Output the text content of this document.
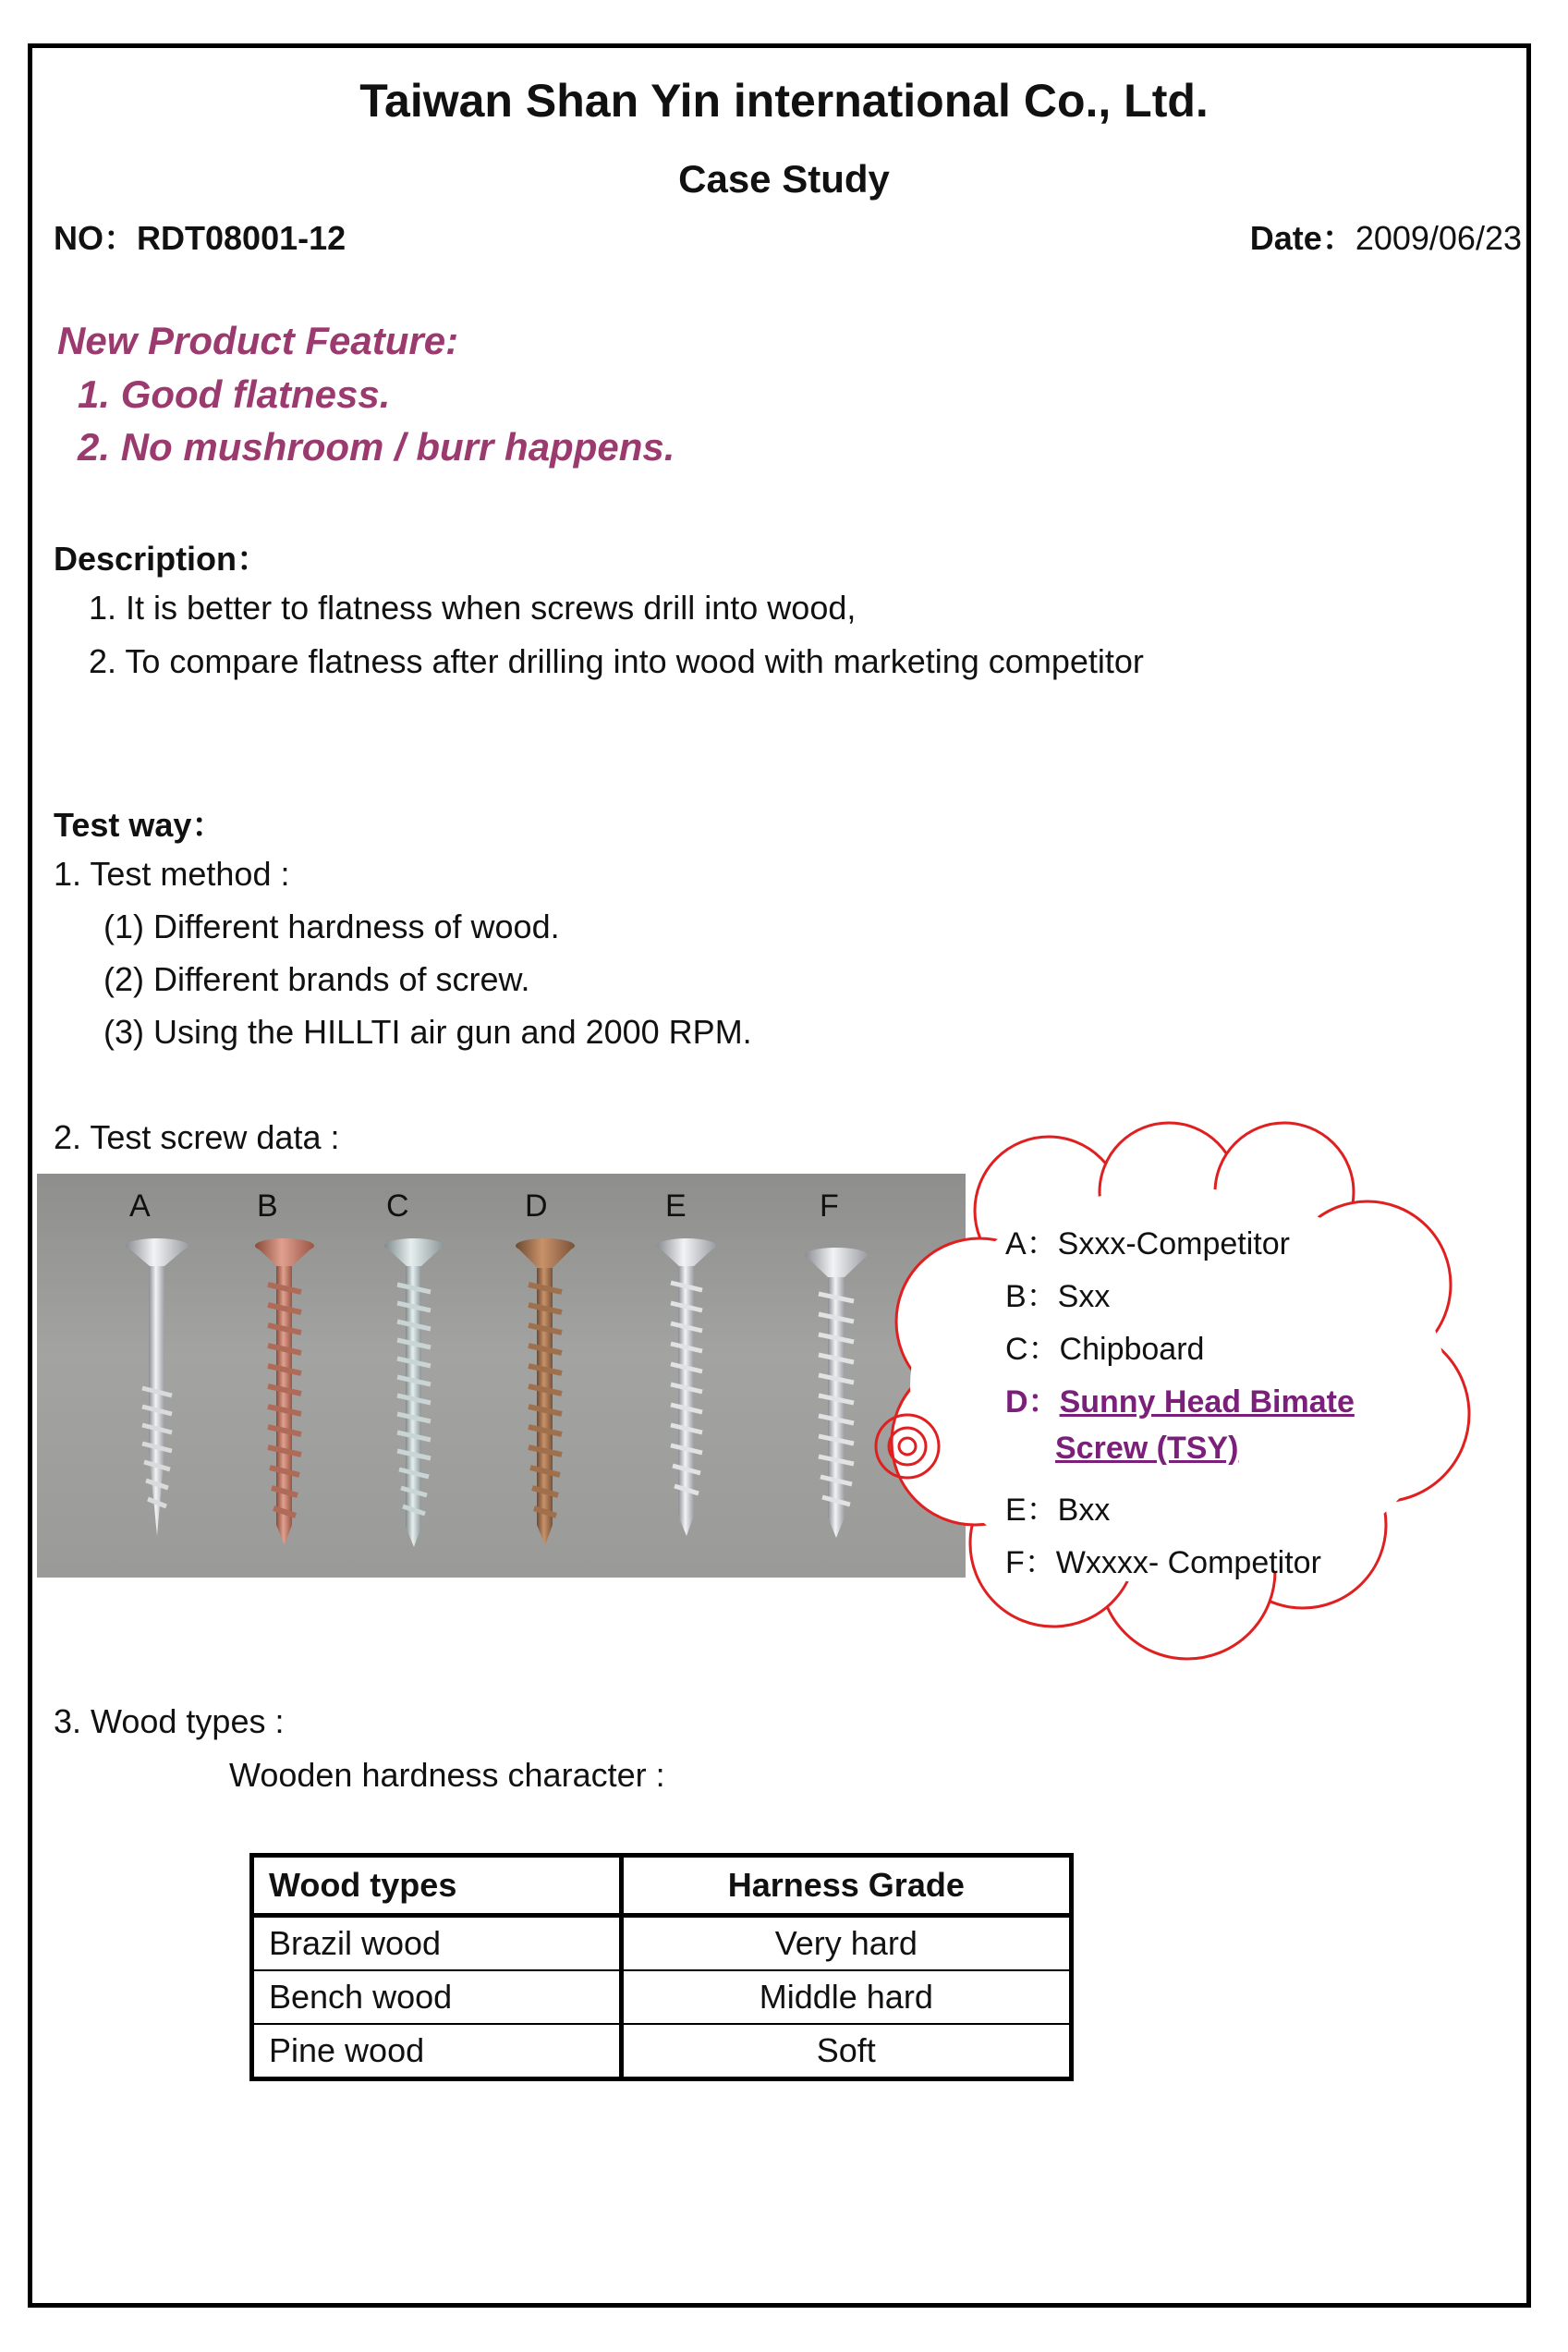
Taiwan Shan Yin international Co., Ltd.
Case Study
NO：RDT08001-12	Date：2009/06/23
New Product Feature:
1. Good flatness.
2. No mushroom / burr happens.
Description：
1. It is better to flatness when screws drill into wood,
2. To compare flatness after drilling into wood with marketing competitor
Test way：
1. Test method :
(1) Different hardness of wood.
(2) Different brands of screw.
(3) Using the HILLTI air gun and 2000 RPM.
2. Test screw data :
A	B	C	D	E	F
A：Sxxx-Competitor
B：Sxx
C：Chipboard
D：Sunny Head Bimate
Screw (TSY)
E：Bxx
F：Wxxxx- Competitor
3. Wood types :
Wooden hardness character :
Wood types	Harness Grade
Brazil wood	Very hard
Bench wood	Middle hard
Pine wood	Soft
